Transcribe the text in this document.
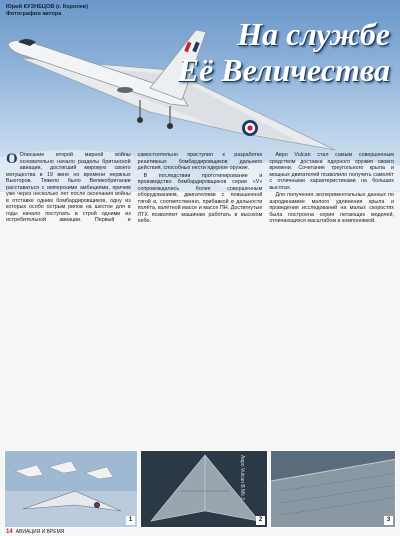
Юрий КУЗНЕЦОВ (г. Королев)
Фотографии автора
На службе
Её Величества

О Описание второй мирной войны основательно начало разделы британской авиации, достигший мировую своего могущества в 19 вине но времени нервных Вьюторов. Тяжело было Великобритании расставаться с имперскими амбициями, причем уже через несколько лет после окончания войны в отставке одним бомбардировщиков, одну из которых особо острым рипов на шестое для в годы начало поступать в строй одними из истребительной авиации. Первый и самостоятельно приступил к разработке реактивных бомбардировщиков дальнего действия, способных нести ядерное оружие.

В последствии прототипирование и производство бомбардировщиков серии «V» сопровождались более совершенным оборудованием, двигателями с повышенной тягой и, соответственно, прибавкой в дальности полёта, взлётной массе и массе ПН. Достигнутые ЛТХ позволяют машинам работать в высоком небе.

Авро Vulcan стал самым совершенным средством доставки ядерного оружия своего времени. Сочетание треугольного крыла и мощных двигателей позволило получить самолёт с отличными характеристиками на больших высотах.

Для получения экспериментальных данных по аэродинамике малого удлинения крыла и проведения исследований на малых скоростях была построена серия летающих моделей, отличающихся масштабом и компоновкой.

1
Авро Vulcan B Mk 2
2	3
14 АВИАЦИЯ И ВРЕМЯ
